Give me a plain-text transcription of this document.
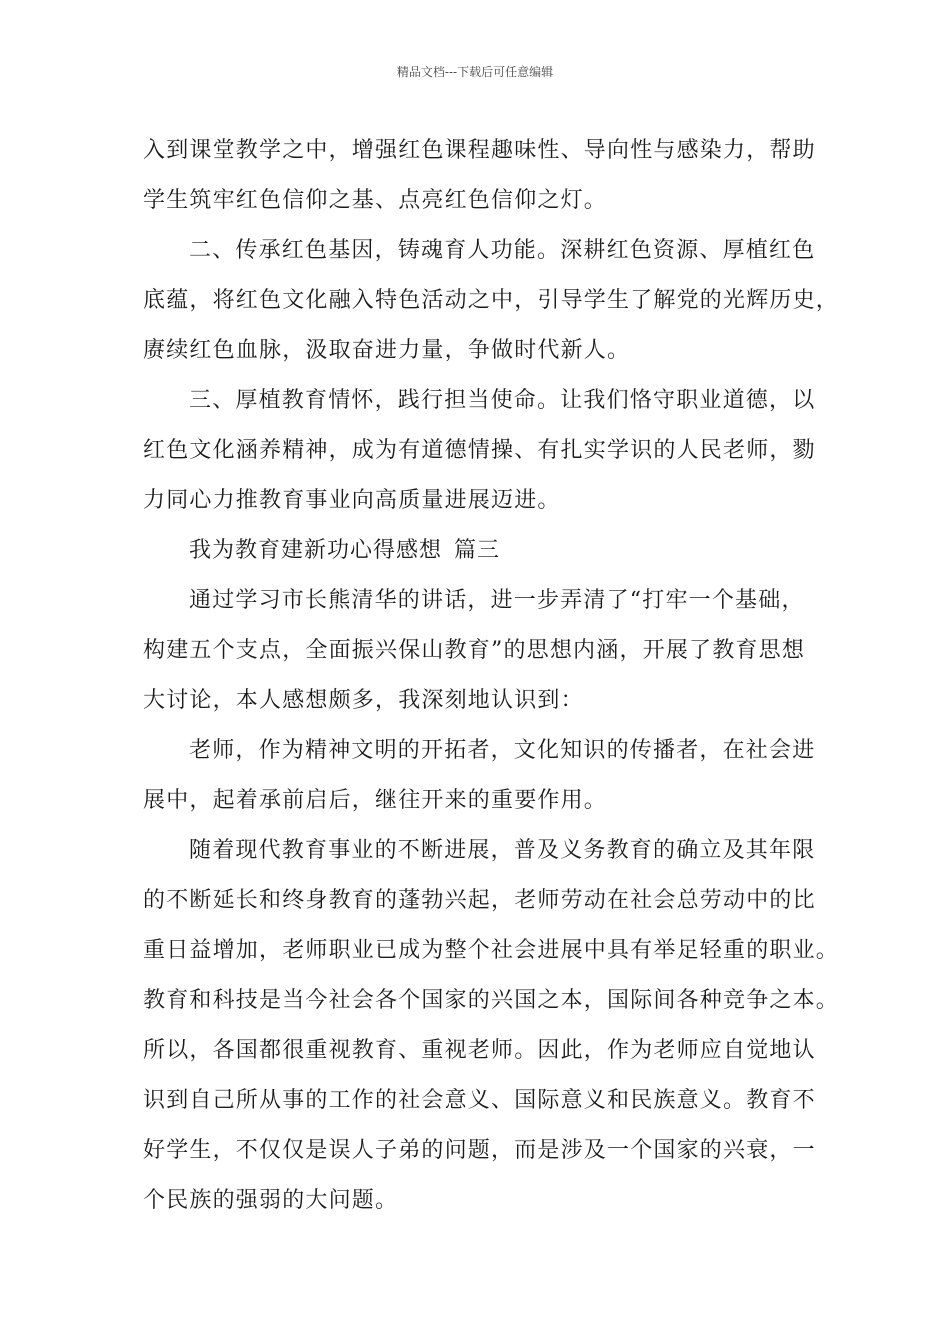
精品文档---下载后可任意编辑
入到课堂教学之中，增强红色课程趣味性、导向性与感染力，帮助
学生筑牢红色信仰之基、点亮红色信仰之灯。
二、传承红色基因，铸魂育人功能。深耕红色资源、厚植红色
底蕴，将红色文化融入特色活动之中，引导学生了解党的光辉历史，
赓续红色血脉，汲取奋进力量，争做时代新人。
三、厚植教育情怀，践行担当使命。让我们恪守职业道德，以
红色文化涵养精神，成为有道德情操、有扎实学识的人民老师，勠
力同心力推教育事业向高质量进展迈进。
我为教育建新功心得感想 篇三
通过学习市长熊清华的讲话，进一步弄清了“打牢一个基础，
构建五个支点，全面振兴保山教育”的思想内涵，开展了教育思想
大讨论，本人感想颇多，我深刻地认识到：
老师，作为精神文明的开拓者，文化知识的传播者，在社会进
展中，起着承前启后，继往开来的重要作用。
随着现代教育事业的不断进展，普及义务教育的确立及其年限
的不断延长和终身教育的蓬勃兴起，老师劳动在社会总劳动中的比
重日益增加，老师职业已成为整个社会进展中具有举足轻重的职业。
教育和科技是当今社会各个国家的兴国之本，国际间各种竞争之本。
所以，各国都很重视教育、重视老师。因此，作为老师应自觉地认
识到自己所从事的工作的社会意义、国际意义和民族意义。教育不
好学生，不仅仅是误人子弟的问题，而是涉及一个国家的兴衰，一
个民族的强弱的大问题。
